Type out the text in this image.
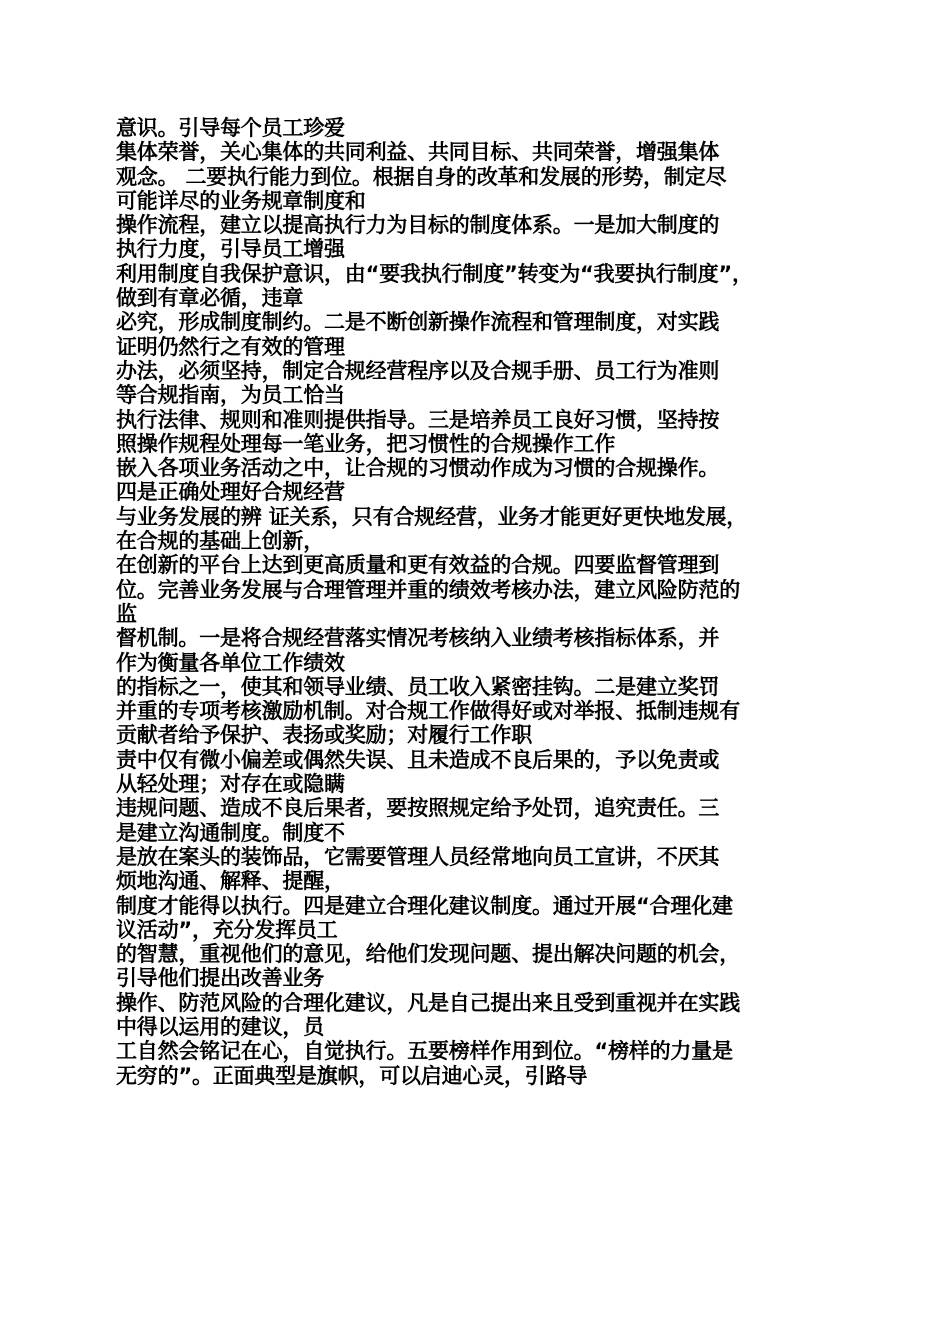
意识。引导每个员工珍爱

集体荣誉，关心集体的共同利益、共同目标、共同荣誉，增强集体

观念。 二要执行能力到位。根据自身的改革和发展的形势，制定尽

可能详尽的业务规章制度和

操作流程，建立以提高执行力为目标的制度体系。一是加大制度的

执行力度，引导员工增强

利用制度自我保护意识，由“要我执行制度”转变为“我要执行制度”，

做到有章必循，违章

必究，形成制度制约。二是不断创新操作流程和管理制度，对实践

证明仍然行之有效的管理

办法，必须坚持，制定合规经营程序以及合规手册、员工行为准则

等合规指南，为员工恰当

执行法律、规则和准则提供指导。三是培养员工良好习惯，坚持按

照操作规程处理每一笔业务，把习惯性的合规操作工作

嵌入各项业务活动之中，让合规的习惯动作成为习惯的合规操作。

四是正确处理好合规经营

与业务发展的辨 证关系，只有合规经营，业务才能更好更快地发展，

在合规的基础上创新，

在创新的平台上达到更高质量和更有效益的合规。四要监督管理到

位。完善业务发展与合理管理并重的绩效考核办法，建立风险防范的

监

督机制。一是将合规经营落实情况考核纳入业绩考核指标体系，并

作为衡量各单位工作绩效

的指标之一，使其和领导业绩、员工收入紧密挂钩。二是建立奖罚

并重的专项考核激励机制。对合规工作做得好或对举报、抵制违规有

贡献者给予保护、表扬或奖励；对履行工作职

责中仅有微小偏差或偶然失误、且未造成不良后果的，予以免责或

从轻处理；对存在或隐瞒

违规问题、造成不良后果者，要按照规定给予处罚，追究责任。三

是建立沟通制度。制度不

是放在案头的装饰品，它需要管理人员经常地向员工宣讲，不厌其

烦地沟通、解释、提醒，

制度才能得以执行。四是建立合理化建议制度。通过开展“合理化建

议活动”，充分发挥员工

的智慧，重视他们的意见，给他们发现问题、提出解决问题的机会，

引导他们提出改善业务

操作、防范风险的合理化建议，凡是自己提出来且受到重视并在实践

中得以运用的建议，员

工自然会铭记在心，自觉执行。五要榜样作用到位。“榜样的力量是

无穷的”。正面典型是旗帜，可以启迪心灵，引路导
